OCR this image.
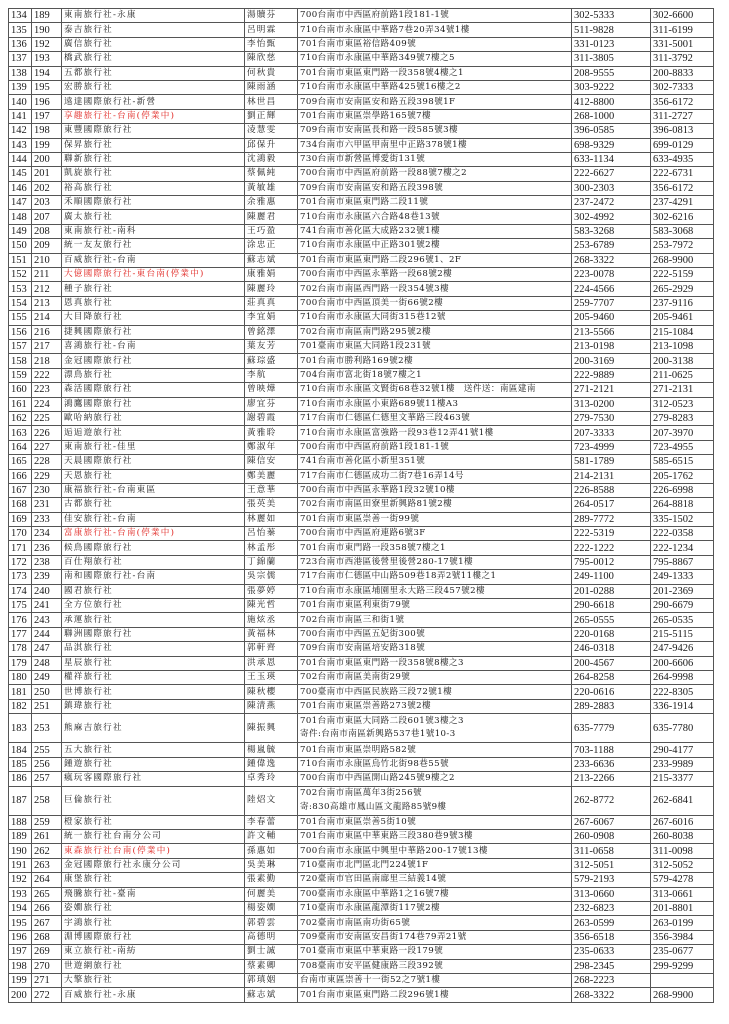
134	189	東南旅行社-永康	湯贖芬	700台南市中西區府前路1段181-1號	302-5333	302-6600
135	190	泰吉旅行社	呂明霖	710台南市永康區中華路7巷20弄34號1樓	511-9828	311-6199
136	192	廣信旅行社	李怡甄	701台南市東區裕信路409號	331-0123	331-5001
137	193	橋武旅行社	陳欣慈	710台南市永康區中華路349號7樓之5	311-3805	311-3792
138	194	五都旅行社	何秋貴	701台南市東區東門路一段358號4樓之1	208-9555	200-8833
139	195	宏勝旅行社	陳雨涵	710台南市永康區中華路425號16樓之2	303-9222	302-7333
140	196	遠達國際旅行社-新營	林世昌	709台南市安南區安和路五段398號1F	412-8800	356-6172
141	197	享趣旅行社-台南(停業中)	劉正輝	701台南市東區崇學路165號7樓	268-1000	311-2727
142	198	東豐國際旅行社	凌慧雯	709台南市安南區長和路一段585號3樓	396-0585	396-0813
143	199	保昇旅行社	邱保升	734台南市六甲區甲南里中正路378號1樓	698-9329	699-0129
144	200	聯新旅行社	沈鴻毅	730台南市新營區博愛街131號	633-1134	633-4935
145	201	凱旋旅行社	蔡佩純	700台南市中西區府前路一段88號7樓之2	222-6627	222-6731
146	202	裕高旅行社	黃敏雄	709台南市安南區安和路五段398號	300-2303	356-6172
147	203	禾順國際旅行社	余雅惠	701台南市東區東門路二段11號	237-2472	237-4291
148	207	廣太旅行社	陳麗君	710台南市永康區六合路48巷13號	302-4992	302-6216
149	208	東南旅行社-南科	王巧盈	741台南市善化區大成路232號1樓	583-3268	583-3068
150	209	統一友友旅行社	涂忠正	710台南市永康區中正路301號2樓	253-6789	253-7972
151	210	百威旅行社-台南	蘇志斌	701台南市東區東門路二段296號1、2F	268-3322	268-9900
152	211	大億國際旅行社-東台南(停業中)	康雅娟	700台南市中西區永華路一段68號2樓	223-0078	222-5159
153	212	種子旅行社	陳麗玲	702台南市南區西門路一段354號3樓	224-4566	265-2929
154	213	恩真旅行社	莊真真	700台南市中西區頂美一街66號2樓	259-7707	237-9116
155	214	大目降旅行社	李宜娟	710台南市永康區大同街315巷12號	205-9460	205-9461
156	216	捷興國際旅行社	曾銘澤	702台南市南區南門路295號2樓	213-5566	215-1084
157	217	喜鴻旅行社-台南	葉友芳	701臺南市東區大同路1段231號	213-0198	213-1098
158	218	金冠國際旅行社	蘇琮盛	701台南市勝利路169號2樓	200-3169	200-3138
159	222	漂鳥旅行社	李航	704台南市富北街18號7樓之1	222-9889	211-0625
160	223	森活國際旅行社	曾映燁	710台南市永康區文賢街68巷32號1樓　送件送：南區建南	271-2121	271-2131
161	224	鴻鷹國際旅行社	廖宜芬	710台南市永康區小東路689號11樓A3	313-0200	312-0523
162	225	歐哈納旅行社	謝碧霞	717台南市仁德區仁德里文華路三段463號	279-7530	279-8283
163	226	逅逅遊旅行社	黃雅聆	710台南市永康區富強路一段93巷12弄41號1樓	207-3333	207-3970
164	227	東南旅行社-佳里	鄭淑年	700台南市中西區府前路1段181-1號	723-4999	723-4955
165	228	天晨國際旅行社	陳信安	741台南市善化區小新里351號	581-1789	585-6515
166	229	天恩旅行社	鄭美麗	717台南市仁德區成功二街7巷16弄14号	214-2131	205-1762
167	230	康福旅行社-台南東區	王意華	700台南市中西區永華路1段32號10樓	226-8588	226-6998
168	231	古都旅行社	張英美	702台南市南區田寮里新興路81號2樓	264-0517	264-8818
169	233	佳安旅行社-台南	林麗如	701台南市東區崇善一街99號	289-7772	335-1502
170	234	富康旅行社-台南(停業中)	呂怡蓁	700台南市中西區府連路6號3F	222-5319	222-0358
171	236	候鳥國際旅行社	林孟彤	701台南市東門路一段358號7樓之1	222-1222	222-1234
172	238	百仕翔旅行社	丁錦蘭	723台南市西港區後營里後營280-17號1樓	795-0012	795-8867
173	239	南和國際旅行社-台南	吳宗儒	717台南市仁德區中山路509巷18弄2號11樓之1	249-1100	249-1333
174	240	國君旅行社	張夢婷	710台南市永康區埔園里永大路三段457號2樓	201-0288	201-2369
175	241	全方位旅行社	陳光哲	701台南市東區利東街79號	290-6618	290-6679
176	243	承運旅行社	施炫丞	702台南市南區三和街1號	265-0555	265-0535
177	244	聯洲國際旅行社	黃福林	700台南市中西區五妃街300號	220-0168	215-5115
178	247	品淇旅行社	郭軒齊	709台南市安南區培安路318號	246-0318	247-9426
179	248	星辰旅行社	洪承恩	701台南市東區東門路一段358號8樓之3	200-4567	200-6606
180	249	權祥旅行社	王玉瑛	702台南市南區美南街29號	264-8258	264-9998
181	250	世博旅行社	陳秋櫻	700臺南市中西區民族路三段72號1樓	220-0616	222-8305
182	251	鎮瑋旅行社	陳清燕	701台南市東區崇善路273號2樓	289-2883	336-1914
183	253	熊麻吉旅行社	陳振興	701台南市東區大同路二段601號3樓之3
寄件:台南市南區新興路537巷1號10-3	635-7779	635-7780
184	255	五大旅行社	楊嵐毓	701台南市東區崇明路582號	703-1188	290-4177
185	256	鍾遊旅行社	鍾偉逸	710台南市永康區烏竹北街98巷55號	233-6636	233-9989
186	257	瘋玩客國際旅行社	卓秀玲	700台南市中西區開山路245號9樓之2	213-2266	215-3377
187	258	巨倫旅行社	陸炤文	702台南市南區萬年3街256號
寄:830高雄市鳳山區文龍路85號9樓	262-8772	262-6841
188	259	橙家旅行社	李春蕾	701台南市東區崇善5街10號	267-6067	267-6016
189	261	統一旅行社台南分公司	許文輔	701台南市東區中華東路三段380巷9號3樓	260-0908	260-8038
190	262	東森旅行社台南(停業中)	孫惠如	700台南市永康區中興里中華路200-17號13樓	311-0658	311-0098
191	263	金冠國際旅行社永康分公司	吳美琳	710臺南市北門區北門224號1F	312-5051	312-5052
192	264	康堡旅行社	張素勤	720臺南市官田區南廍里三結義14號	579-2193	579-4278
193	265	飛騰旅行社-臺南	何麗美	700臺南市永康區中華路1之16號7樓	313-0660	313-0661
194	266	姿嫺旅行社	楊姿嫺	710臺南市永康區龍潭街117號2樓	232-6823	201-8801
195	267	宇鴻旅行社	郭碧雲	702臺南市南區南功街65號	263-0599	263-0199
196	268	淵博國際旅行社	高德明	709臺南市安南區安昌街174巷79弄21號	356-6518	356-3984
197	269	東立旅行社-南紡	劉士誠	701臺南市東區中華東路一段179號	235-0633	235-0677
198	270	世遊網旅行社	蔡素卿	708臺南市安平區健康路三段392號	298-2345	299-9299
199	271	大擎旅行社	郭瑱姻	台南市東區崇善十一街52之7號1樓	268-2223	
200	272	百威旅行社-永康	蘇志斌	701台南市東區東門路二段296號1樓	268-3322	268-9900
